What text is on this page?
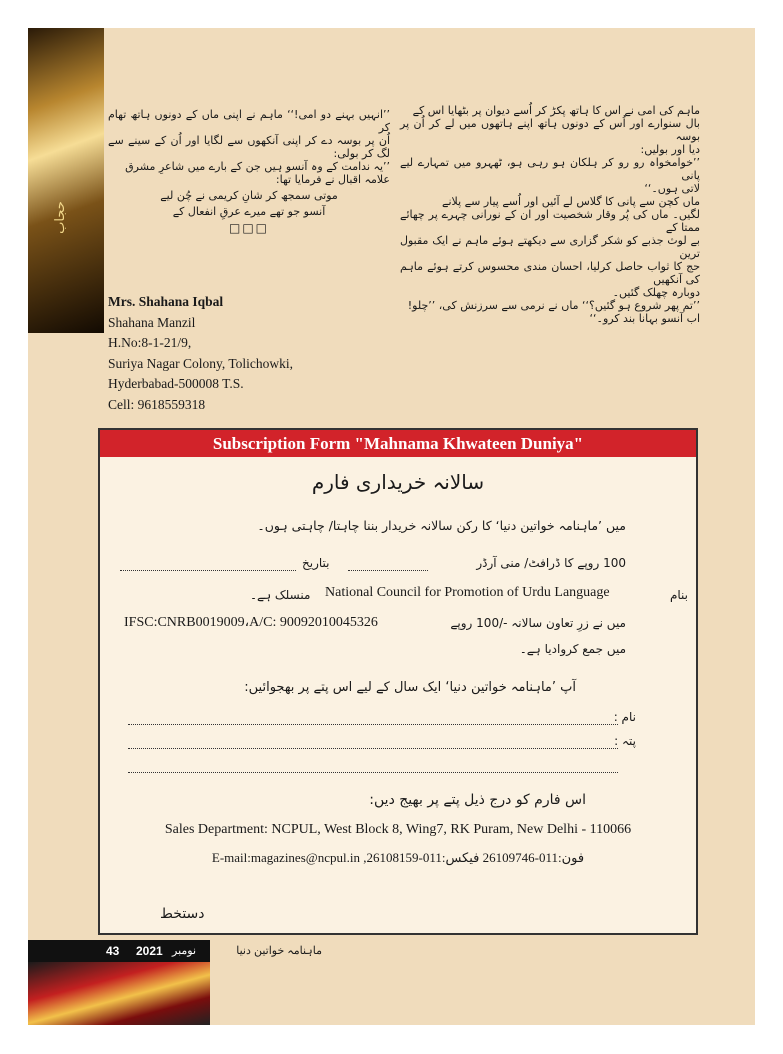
حجاب
ماہم کی امی نے اس کا ہاتھ پکڑ کر اُسے دیوان پر بٹھایا اس کے
بال سنوارے اور اُس کے دونوں ہاتھ اپنے ہاتھوں میں لے کر اُن پر بوسہ
دیا اور بولیں:
’’خوامخواہ رو رو کر ہلکان ہو رہی ہو، ٹھہرو میں تمہارے لیے پانی
لاتی ہوں۔‘‘
ماں کچن سے پانی کا گلاس لے آئیں اور اُسے پیار سے پلانے
لگیں۔ ماں کی پُر وقار شخصیت اور ان کے نورانی چہرے پر چھائے ممتا کے
بے لوث جذبے کو شکر گزاری سے دیکھتے ہوئے ماہم نے ایک مقبول ترین
حج کا ثواب حاصل کرلیا، احسان مندی محسوس کرتے ہوئے ماہم کی آنکھیں
دوبارہ چھلک گئیں۔
’’تم پھر شروع ہو گئیں؟‘‘ ماں نے نرمی سے سرزنش کی، ’’چلو!
اب آنسو بہانا بند کرو۔‘‘
’’انہیں بہنے دو امی!‘‘ ماہم نے اپنی ماں کے دونوں ہاتھ تھام کر
اُن پر بوسہ دے کر اپنی آنکھوں سے لگایا اور اُن کے سینے سے لگ کر بولی:
’’یہ ندامت کے وہ آنسو ہیں جن کے بارے میں شاعرِ مشرق
علامہ اقبال نے فرمایا تھا:
موتی سمجھ کر شانِ کریمی نے چُن لیے
آنسو جو تھے میرے عرقِ انفعال کے
□□□
Mrs. Shahana Iqbal
Shahana Manzil
H.No:8-1-21/9,
Suriya Nagar Colony, Tolichowki,
Hyderbabad-500008 T.S.
Cell: 9618559318
Subscription Form "Mahnama Khwateen Duniya"
سالانہ خریداری فارم
میں ’ماہنامہ خواتین دنیا‘ کا رکن سالانہ خریدار بننا چاہتا/ چاہتی ہوں۔
100 روپے کا ڈرافٹ/ منی آرڈر
بتاریخ
بنام
National Council for Promotion of Urdu Language
منسلک ہے۔
میں نے زرِ تعاون سالانہ -/100 روپے
IFSC:CNRB0019009،A/C: 90092010045326
میں جمع کروادیا ہے۔
آپ ’ماہنامہ خواتین دنیا‘ ایک سال کے لیے اس پتے پر بھجوائیں:
نام :
پتہ :
اس فارم کو درج ذیل پتے پر بھیج دیں:
Sales Department: NCPUL, West Block 8, Wing7, RK Puram, New Delhi - 110066
فون:011-26109746 فیکس:011-26108159, E-mail:magazines@ncpul.in
دستخط
43 2021 نومبر	ماہنامہ خواتین دنیا
